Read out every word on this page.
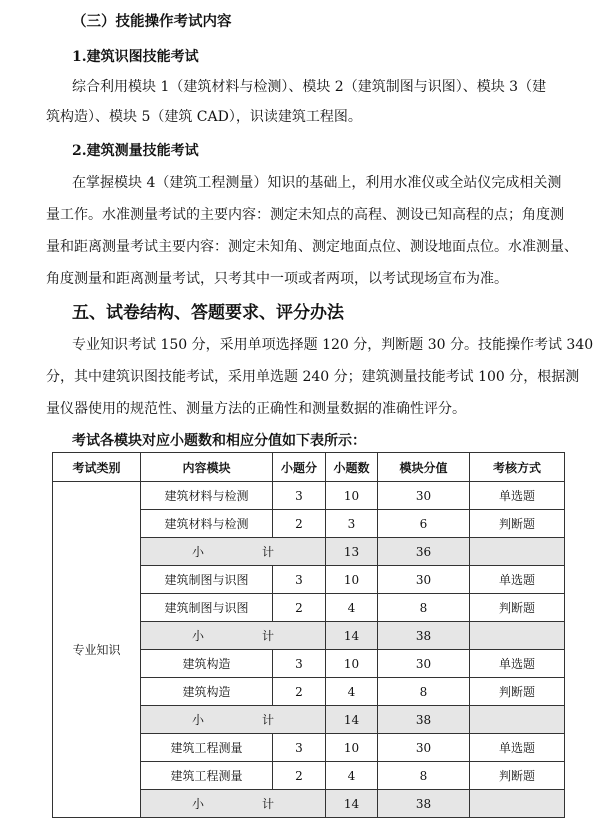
（三）技能操作考试内容
1.建筑识图技能考试
综合利用模块 1（建筑材料与检测）、模块 2（建筑制图与识图）、模块 3（建
筑构造）、模块 5（建筑 CAD），识读建筑工程图。
2.建筑测量技能考试
在掌握模块 4（建筑工程测量）知识的基础上，利用水准仪或全站仪完成相关测
量工作。水准测量考试的主要内容：测定未知点的高程、测设已知高程的点；角度测
量和距离测量考试主要内容：测定未知角、测定地面点位、测设地面点位。水准测量、
角度测量和距离测量考试，只考其中一项或者两项，以考试现场宣布为准。
五、试卷结构、答题要求、评分办法
专业知识考试 150 分，采用单项选择题 120 分，判断题 30 分。技能操作考试 340
分，其中建筑识图技能考试，采用单选题 240 分；建筑测量技能考试 100 分，根据测
量仪器使用的规范性、测量方法的正确性和测量数据的准确性评分。
考试各模块对应小题数和相应分值如下表所示：
考试类别	内容模块	小题分	小题数	模块分值	考核方式
专业知识	建筑材料与检测	3	10	30	单选题
	建筑材料与检测	2	3	6	判断题
	小 计		13	36	
	建筑制图与识图	3	10	30	单选题
	建筑制图与识图	2	4	8	判断题
	小 计		14	38	
	建筑构造	3	10	30	单选题
	建筑构造	2	4	8	判断题
	小 计		14	38	
	建筑工程测量	3	10	30	单选题
	建筑工程测量	2	4	8	判断题
	小 计		14	38	
